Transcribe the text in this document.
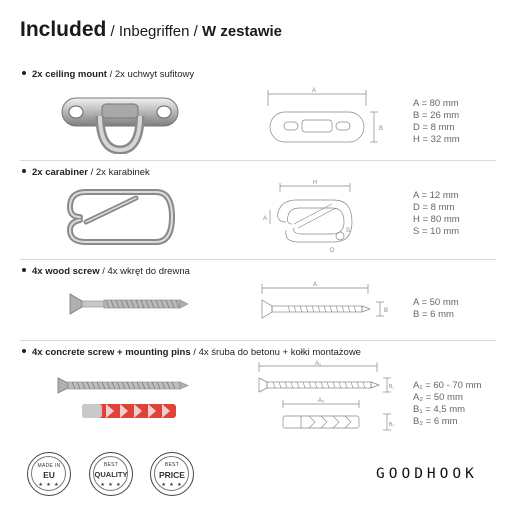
Included / Inbegriffen / W zestawie
2x ceiling mount / 2x uchwyt sufitowy
A
B
A = 80 mm
B = 26 mm
D = 8 mm
H = 32 mm
2x carabiner / 2x karabinek
H
A
S
D
A = 12 mm
D = 8 mm
H = 80 mm
S = 10 mm
4x wood screw / 4x wkręt do drewna
A
B
A = 50 mm
B = 6 mm
4x concrete screw + mounting pins / 4x śruba do betonu + kołki montażowe
A₁
B₁
A₂
B₂
A₁ = 60 - 70 mm
A₂ = 50 mm
B₁ = 4,5 mm
B₂ = 6 mm
MADE IN
EU
★ ★ ★
BEST
QUALITY
★ ★ ★
BEST
PRICE
★ ★ ★
GOODHOOK
